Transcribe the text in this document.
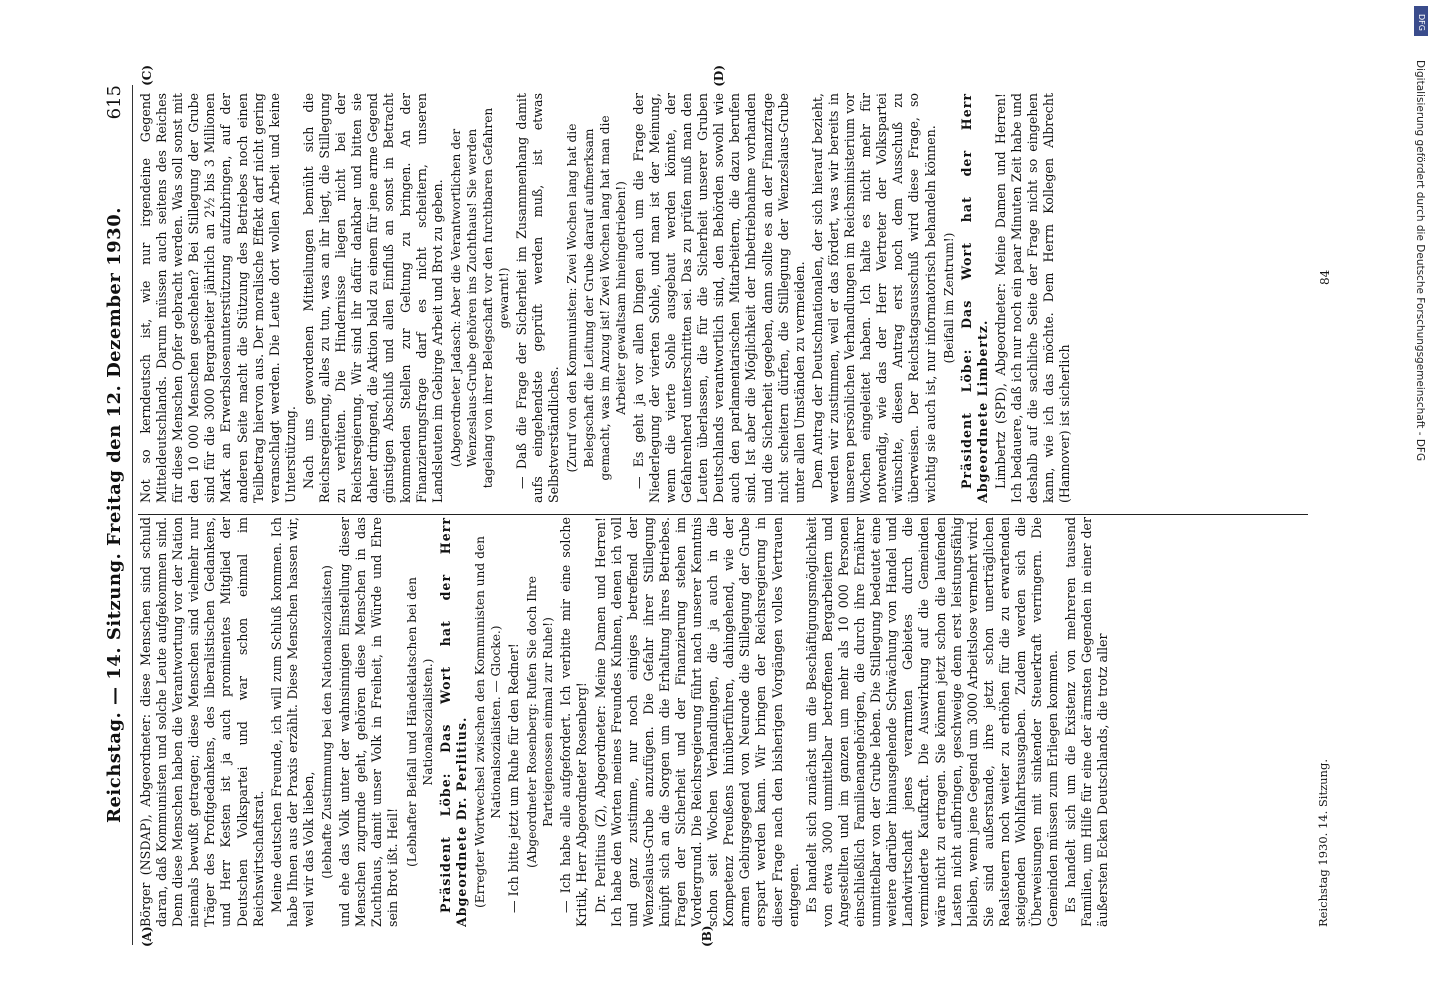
Reichstag. — 14. Sitzung. Freitag den 12. Dezember 1930.
615

Börger (NSDAP), Abgeordneter: diese Menschen sind schuld daran, daß Kommunisten und solche Leute aufgekommen sind. Denn diese Menschen haben die Verantwortung vor der Nation niemals bewußt getragen; diese Menschen sind vielmehr nur Träger des Profitgedankens, des liberalistischen Gedankens, und Herr Kesten ist ja auch prominentes Mitglied der Deutschen Volkspartei und war schon einmal im Reichswirtschaftsrat. Meine deutschen Freunde, ich will zum Schluß kommen. Ich habe Ihnen aus der Praxis erzählt. Diese Menschen hassen wir, weil wir das Volk lieben, (lebhafte Zustimmung bei den Nationalsozialisten) und ehe das Volk unter der wahnsinnigen Einstellung dieser Menschen zugrunde geht, gehören diese Menschen in das Zuchthaus, damit unser Volk in Freiheit, in Würde und Ehre sein Brot ißt. Heil!

(Lebhafter Beifall und Händeklatschen bei den Nationalsozialisten.) Präsident Löbe: Das Wort hat der Herr Abgeordnete Dr. Perlitius. (Erregter Wortwechsel zwischen den Kommunisten und den Nationalsozialisten. — Glocke.) — Ich bitte jetzt um Ruhe für den Redner! (Abgeordneter Rosenberg: Rufen Sie doch Ihre Parteigenossen einmal zur Ruhe!) — Ich habe alle aufgefordert. Ich verbitte mir eine solche Kritik, Herr Abgeordneter Rosenberg! Dr. Perlitius (Z), Abgeordneter: Meine Damen und Herren! Ich habe den Worten meines Freundes Kuhnen, denen ich voll und ganz zustimme, nur noch einiges betreffend der Wenzeslaus-Grube anzufügen. Die Gefahr ihrer Stillegung knüpft sich an die Sorgen um die Erhaltung ihres Betriebes. Fragen der Sicherheit und der Finanzierung stehen im Vordergrund. Die Reichsregierung führt nach unserer Kenntnis schon seit Wochen Verhandlungen, die ja auch in die Kompetenz Preußens hinüberführen, dahingehend, wie der armen Gebirgsgegend von Neurode die Stillegung der Grube erspart werden kann. Wir bringen der Reichsregierung in dieser Frage nach den bisherigen Vorgängen volles Vertrauen entgegen. Es handelt sich zunächst um die Beschäftigungsmöglichkeit von etwa 3000 unmittelbar betroffenen Bergarbeitern und Angestellten und im ganzen um mehr als 10 000 Personen einschließlich Familienangehörigen, die durch ihre Ernährer unmittelbar von der Grube leben. Die Stillegung bedeutet eine weitere darüber hinausgehende Schwächung von Handel und Landwirtschaft jenes verarmten Gebietes durch die verminderte Kaufkraft. Die Auswirkung auf die Gemeinden wäre nicht zu ertragen. Sie können jetzt schon die laufenden Lasten nicht aufbringen, geschweige denn erst leistungsfähig bleiben, wenn jene Gegend um 3000 Arbeitslose vermehrt wird. Sie sind außerstande, ihre jetzt schon unerträglichen Realsteuern noch weiter zu erhöhen für die zu erwartenden steigenden Wohlfahrtsausgaben. Zudem werden sich die Überweisungen mit sinkender Steuerkraft verringern. Die Gemeinden müssen zum Erliegen kommen. Es handelt sich um die Existenz von mehreren tausend Familien, um Hilfe für eine der ärmsten Gegenden in einer der äußersten Ecken Deutschlands, die trotz aller

Not so kerndeutsch ist, wie nur irgendeine Gegend Mitteldeutschlands. Darum müssen auch seitens des Reiches für diese Menschen Opfer gebracht werden. Was soll sonst mit den 10 000 Menschen geschehen? Bei Stillegung der Grube sind für die 3000 Bergarbeiter jährlich an 2½ bis 3 Millionen Mark an Erwerbslosenunterstützung aufzubringen, auf der anderen Seite macht die Stützung des Betriebes noch einen Teilbetrag hiervon aus. Der moralische Effekt darf nicht gering veranschlagt werden. Die Leute dort wollen Arbeit und keine Unterstützung. Nach uns gewordenen Mitteilungen bemüht sich die Reichsregierung, alles zu tun, was an ihr liegt, die Stillegung zu verhüten. Die Hindernisse liegen nicht bei der Reichsregierung. Wir sind ihr dafür dankbar und bitten sie daher dringend, die Aktion bald zu einem für jene arme Gegend günstigen Abschluß und allen Einfluß an sonst in Betracht kommenden Stellen zur Geltung zu bringen. An der Finanzierungsfrage darf es nicht scheitern, unseren Landsleuten im Gebirge Arbeit und Brot zu geben. (Abgeordneter Jadasch: Aber die Verantwortlichen der Wenzeslaus-Grube gehören ins Zuchthaus! Sie werden tagelang von ihrer Belegschaft vor den furchtbaren Gefahren gewarnt!) — Daß die Frage der Sicherheit im Zusammenhang damit aufs eingehendste geprüft werden muß, ist etwas Selbstverständliches. (Zuruf von den Kommunisten: Zwei Wochen lang hat die Belegschaft die Leitung der Grube darauf aufmerksam gemacht, was im Anzug ist! Zwei Wochen lang hat man die Arbeiter gewaltsam hineingetrieben!) — Es geht ja vor allen Dingen auch um die Frage der Niederlegung der vierten Sohle, und man ist der Meinung, wenn die vierte Sohle ausgebaut werden könnte, der Gefahrenherd unterschritten sei. Das zu prüfen muß man den Leuten überlassen, die für die Sicherheit unserer Gruben Deutschlands verantwortlich sind, den Behörden sowohl wie auch den parlamentarischen Mitarbeitern, die dazu berufen sind. Ist aber die Möglichkeit der Inbetriebnahme vorhanden und die Sicherheit gegeben, dann sollte es an der Finanzfrage nicht scheitern dürfen, die Stillegung der Wenzeslaus-Grube unter allen Umständen zu vermeiden. Dem Antrag der Deutschnationalen, der sich hierauf bezieht, werden wir zustimmen, weil er das fördert, was wir bereits in unseren persönlichen Verhandlungen im Reichsministerium vor Wochen eingeleitet haben. Ich halte es nicht mehr für notwendig, wie das der Herr Vertreter der Volkspartei wünschte, diesen Antrag erst noch dem Ausschuß zu überweisen. Der Reichstagsausschuß wird diese Frage, so wichtig sie auch ist, nur informatorisch behandeln können. (Beifall im Zentrum!) Präsident Löbe: Das Wort hat der Herr Abgeordnete Limbertz. Limbertz (SPD), Abgeordneter: Meine Damen und Herren! Ich bedauere, daß ich nur noch ein paar Minuten Zeit habe und deshalb auf die sachliche Seite der Frage nicht so eingehen kann, wie ich das möchte. Dem Herrn Kollegen Albrecht (Hannover) ist sicherlich

(A)	(B)
(C)	(D)
Reichstag 1930. 14. Sitzung.
84	Digitalisierung gefördert durch die Deutsche Forschungsgemeinschaft - DFG
DFG
